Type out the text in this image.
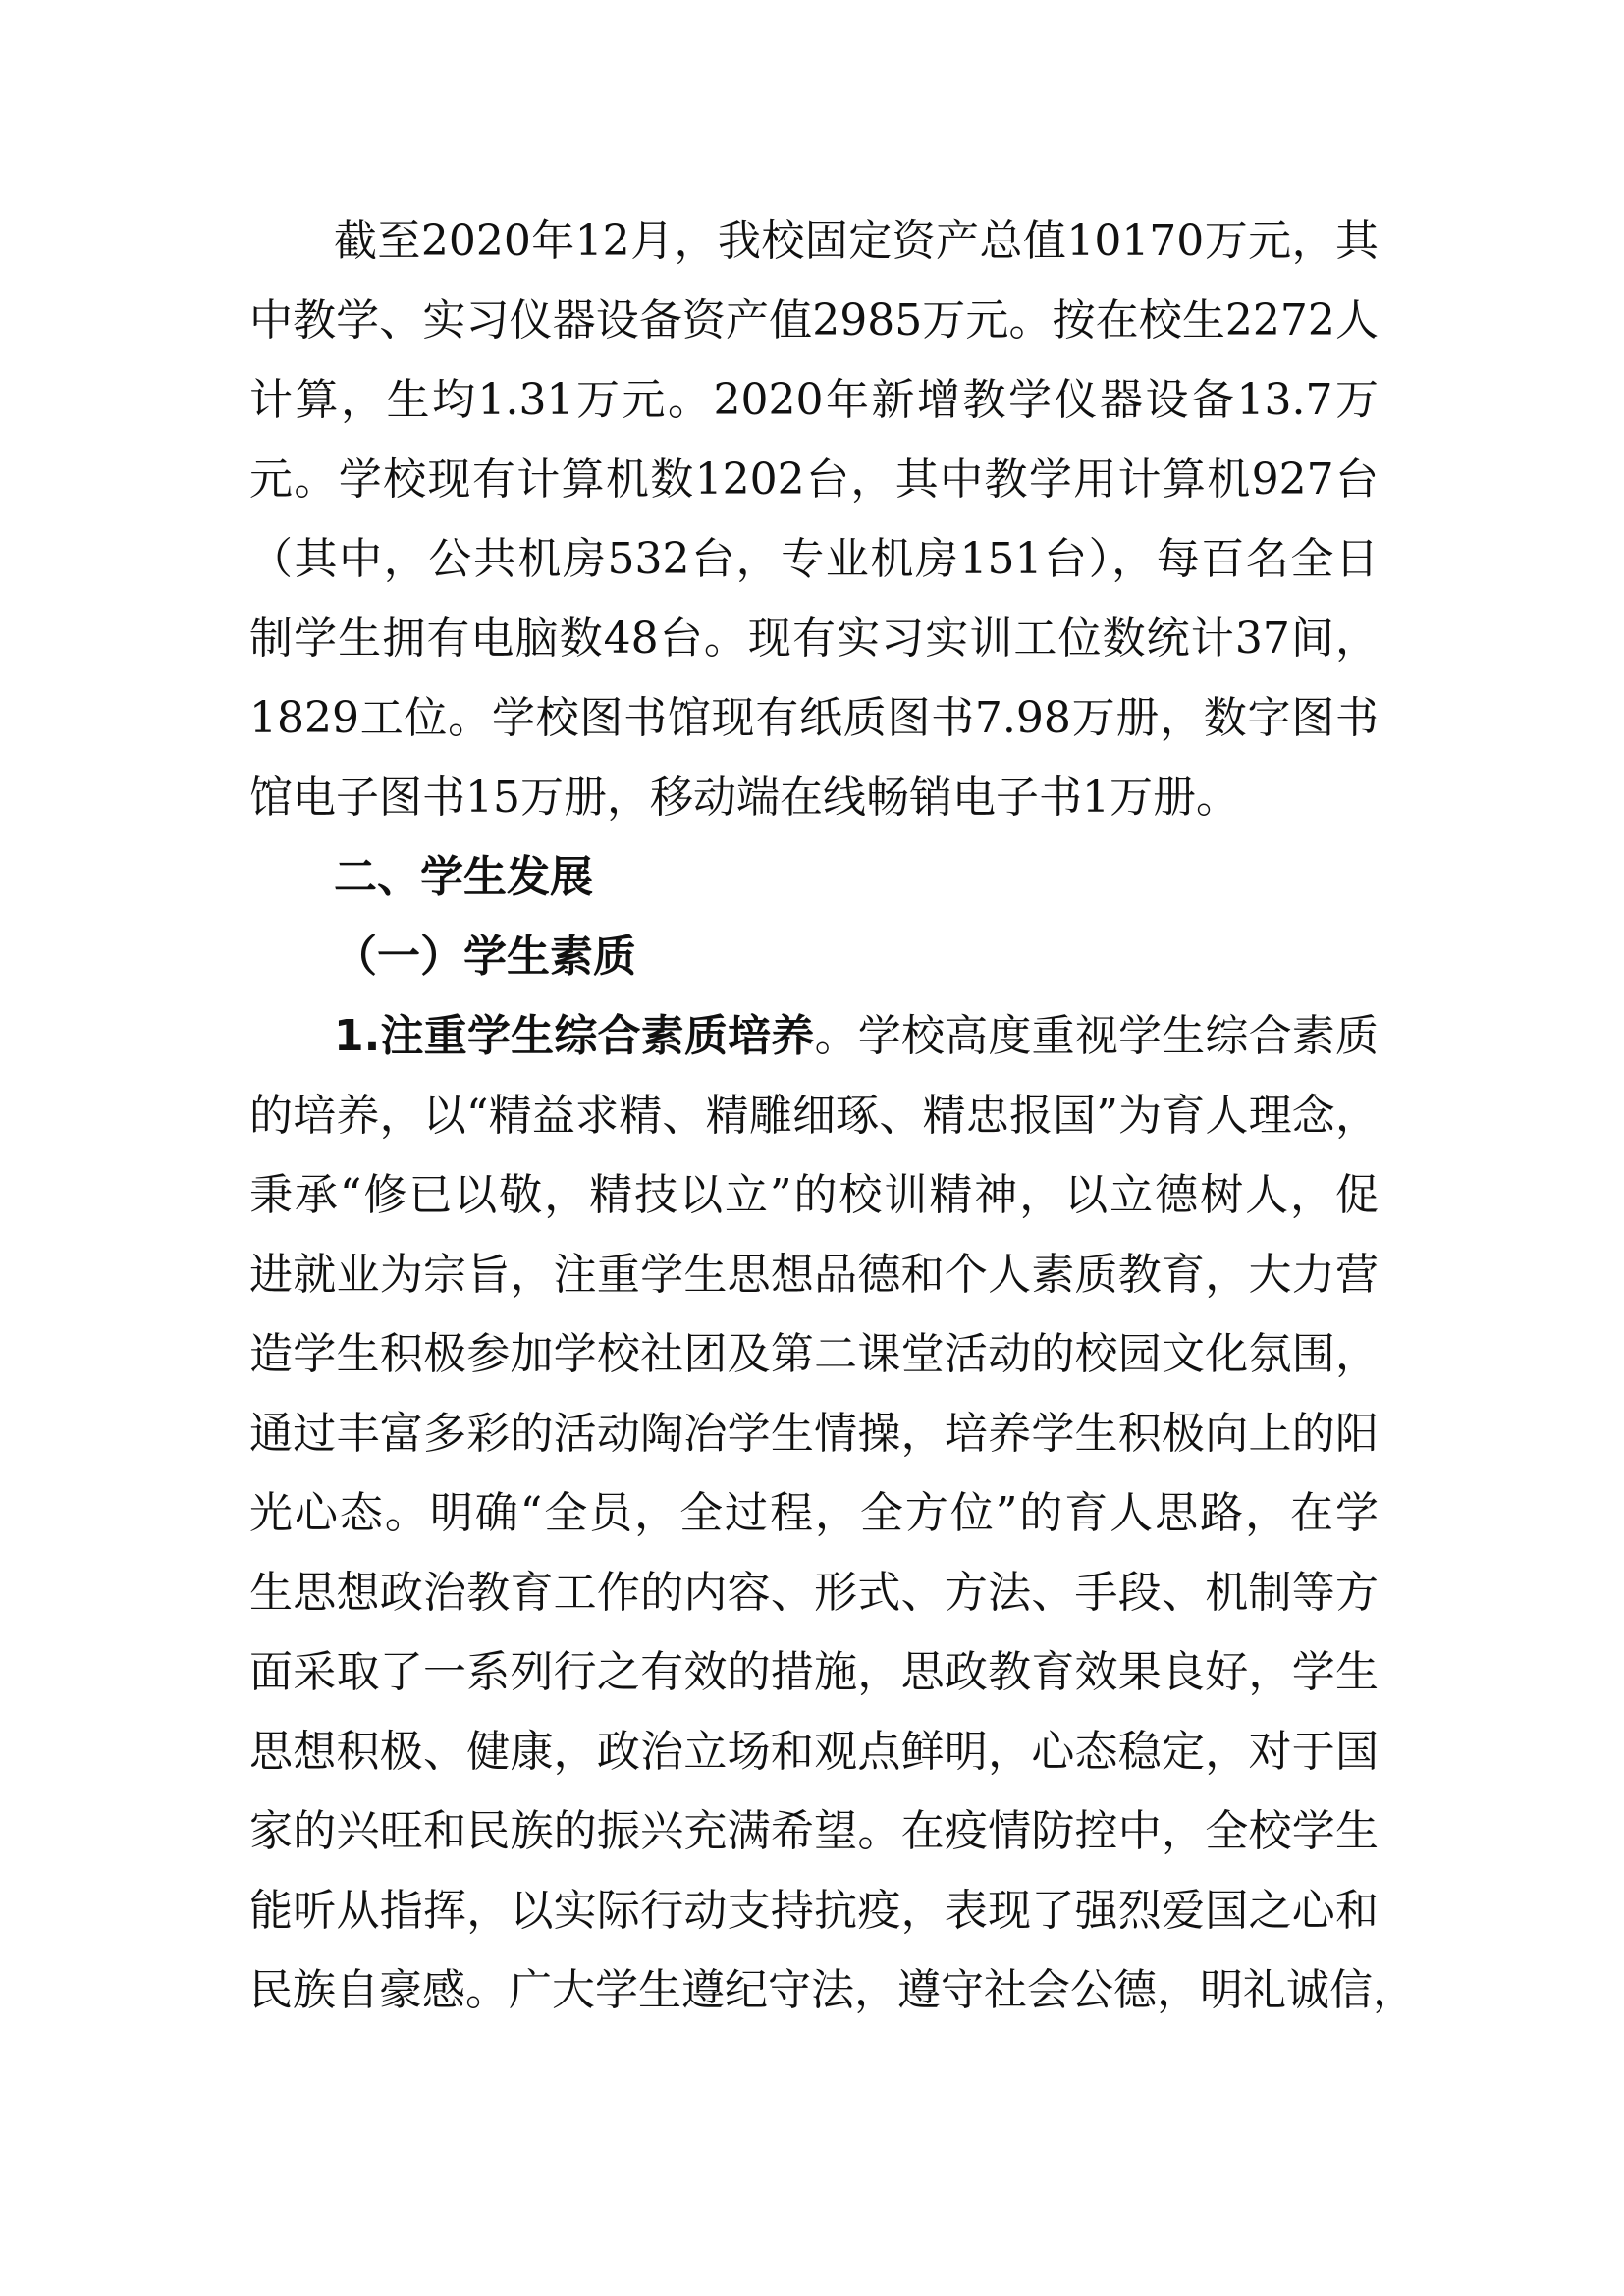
截至2020年12月，我校固定资产总值10170万元，其
中教学、实习仪器设备资产值2985万元。按在校生2272人
计算，生均1.31万元。2020年新增教学仪器设备13.7万
元。学校现有计算机数1202台，其中教学用计算机927台
（其中，公共机房532台，专业机房151台），每百名全日
制学生拥有电脑数48台。现有实习实训工位数统计37间，
1829工位。学校图书馆现有纸质图书7.98万册，数字图书
馆电子图书15万册，移动端在线畅销电子书1万册。
二、学生发展
（一）学生素质
1.注重学生综合素质培养。学校高度重视学生综合素质
的培养，以“精益求精、精雕细琢、精忠报国”为育人理念，
秉承“修已以敬，精技以立”的校训精神，以立德树人，促
进就业为宗旨，注重学生思想品德和个人素质教育，大力营
造学生积极参加学校社团及第二课堂活动的校园文化氛围，
通过丰富多彩的活动陶冶学生情操，培养学生积极向上的阳
光心态。明确“全员，全过程，全方位”的育人思路，在学
生思想政治教育工作的内容、形式、方法、手段、机制等方
面采取了一系列行之有效的措施，思政教育效果良好，学生
思想积极、健康，政治立场和观点鲜明，心态稳定，对于国
家的兴旺和民族的振兴充满希望。在疫情防控中，全校学生
能听从指挥，以实际行动支持抗疫，表现了强烈爱国之心和
民族自豪感。广大学生遵纪守法，遵守社会公德，明礼诚信，
